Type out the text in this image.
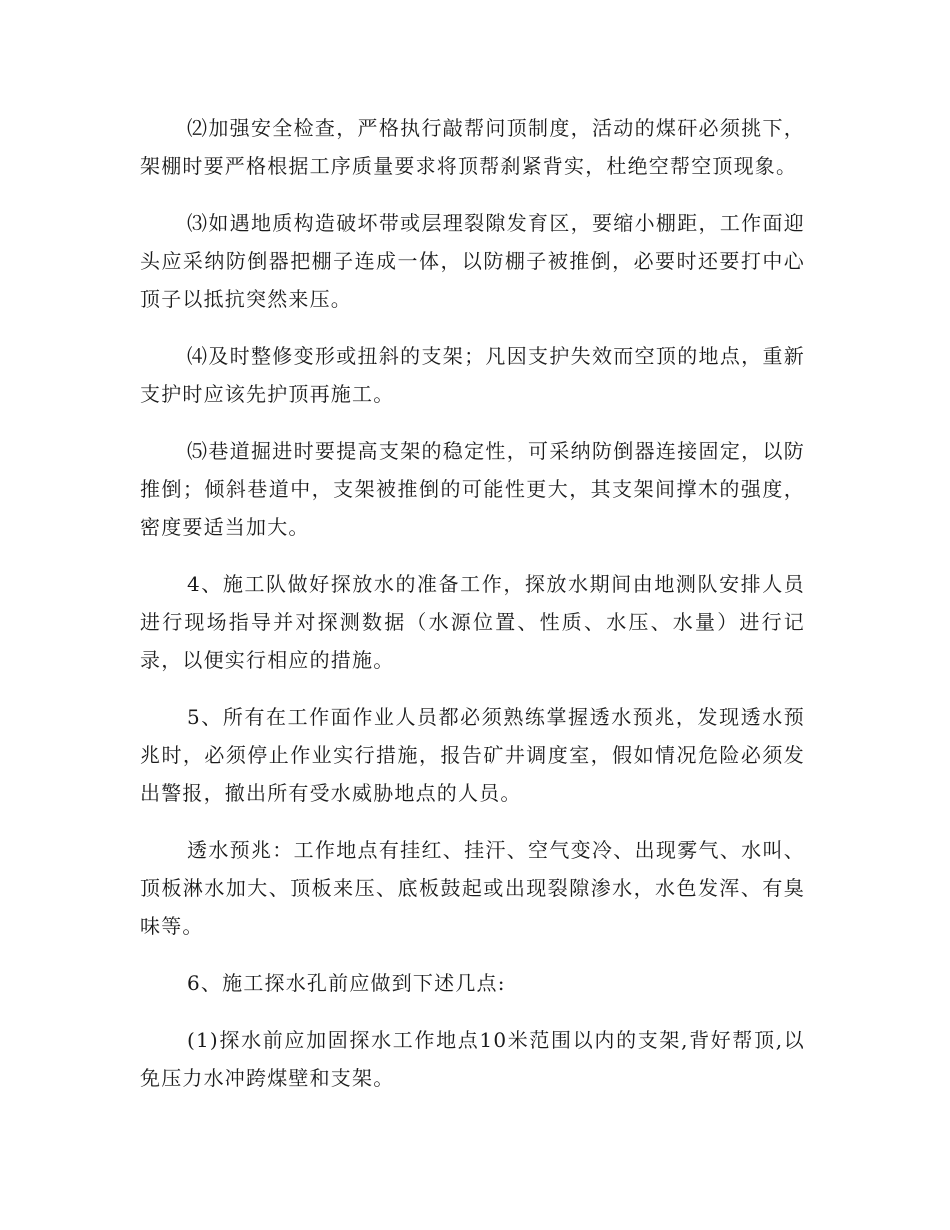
⑵加强安全检查，严格执行敲帮问顶制度，活动的煤矸必须挑下，架棚时要严格根据工序质量要求将顶帮刹紧背实，杜绝空帮空顶现象。

⑶如遇地质构造破坏带或层理裂隙发育区，要缩小棚距，工作面迎头应采纳防倒器把棚子连成一体，以防棚子被推倒，必要时还要打中心顶子以抵抗突然来压。

⑷及时整修变形或扭斜的支架；凡因支护失效而空顶的地点，重新支护时应该先护顶再施工。

⑸巷道掘进时要提高支架的稳定性，可采纳防倒器连接固定，以防推倒；倾斜巷道中，支架被推倒的可能性更大，其支架间撑木的强度，密度要适当加大。

4、施工队做好探放水的准备工作，探放水期间由地测队安排人员进行现场指导并对探测数据（水源位置、性质、水压、水量）进行记录，以便实行相应的措施。

5、所有在工作面作业人员都必须熟练掌握透水预兆，发现透水预兆时，必须停止作业实行措施，报告矿井调度室，假如情况危险必须发出警报，撤出所有受水威胁地点的人员。

透水预兆：工作地点有挂红、挂汗、空气变冷、出现雾气、水叫、顶板淋水加大、顶板来压、底板鼓起或出现裂隙渗水，水色发浑、有臭味等。

6、施工探水孔前应做到下述几点:

(1)探水前应加固探水工作地点10米范围以内的支架,背好帮顶,以免压力水冲跨煤壁和支架。
